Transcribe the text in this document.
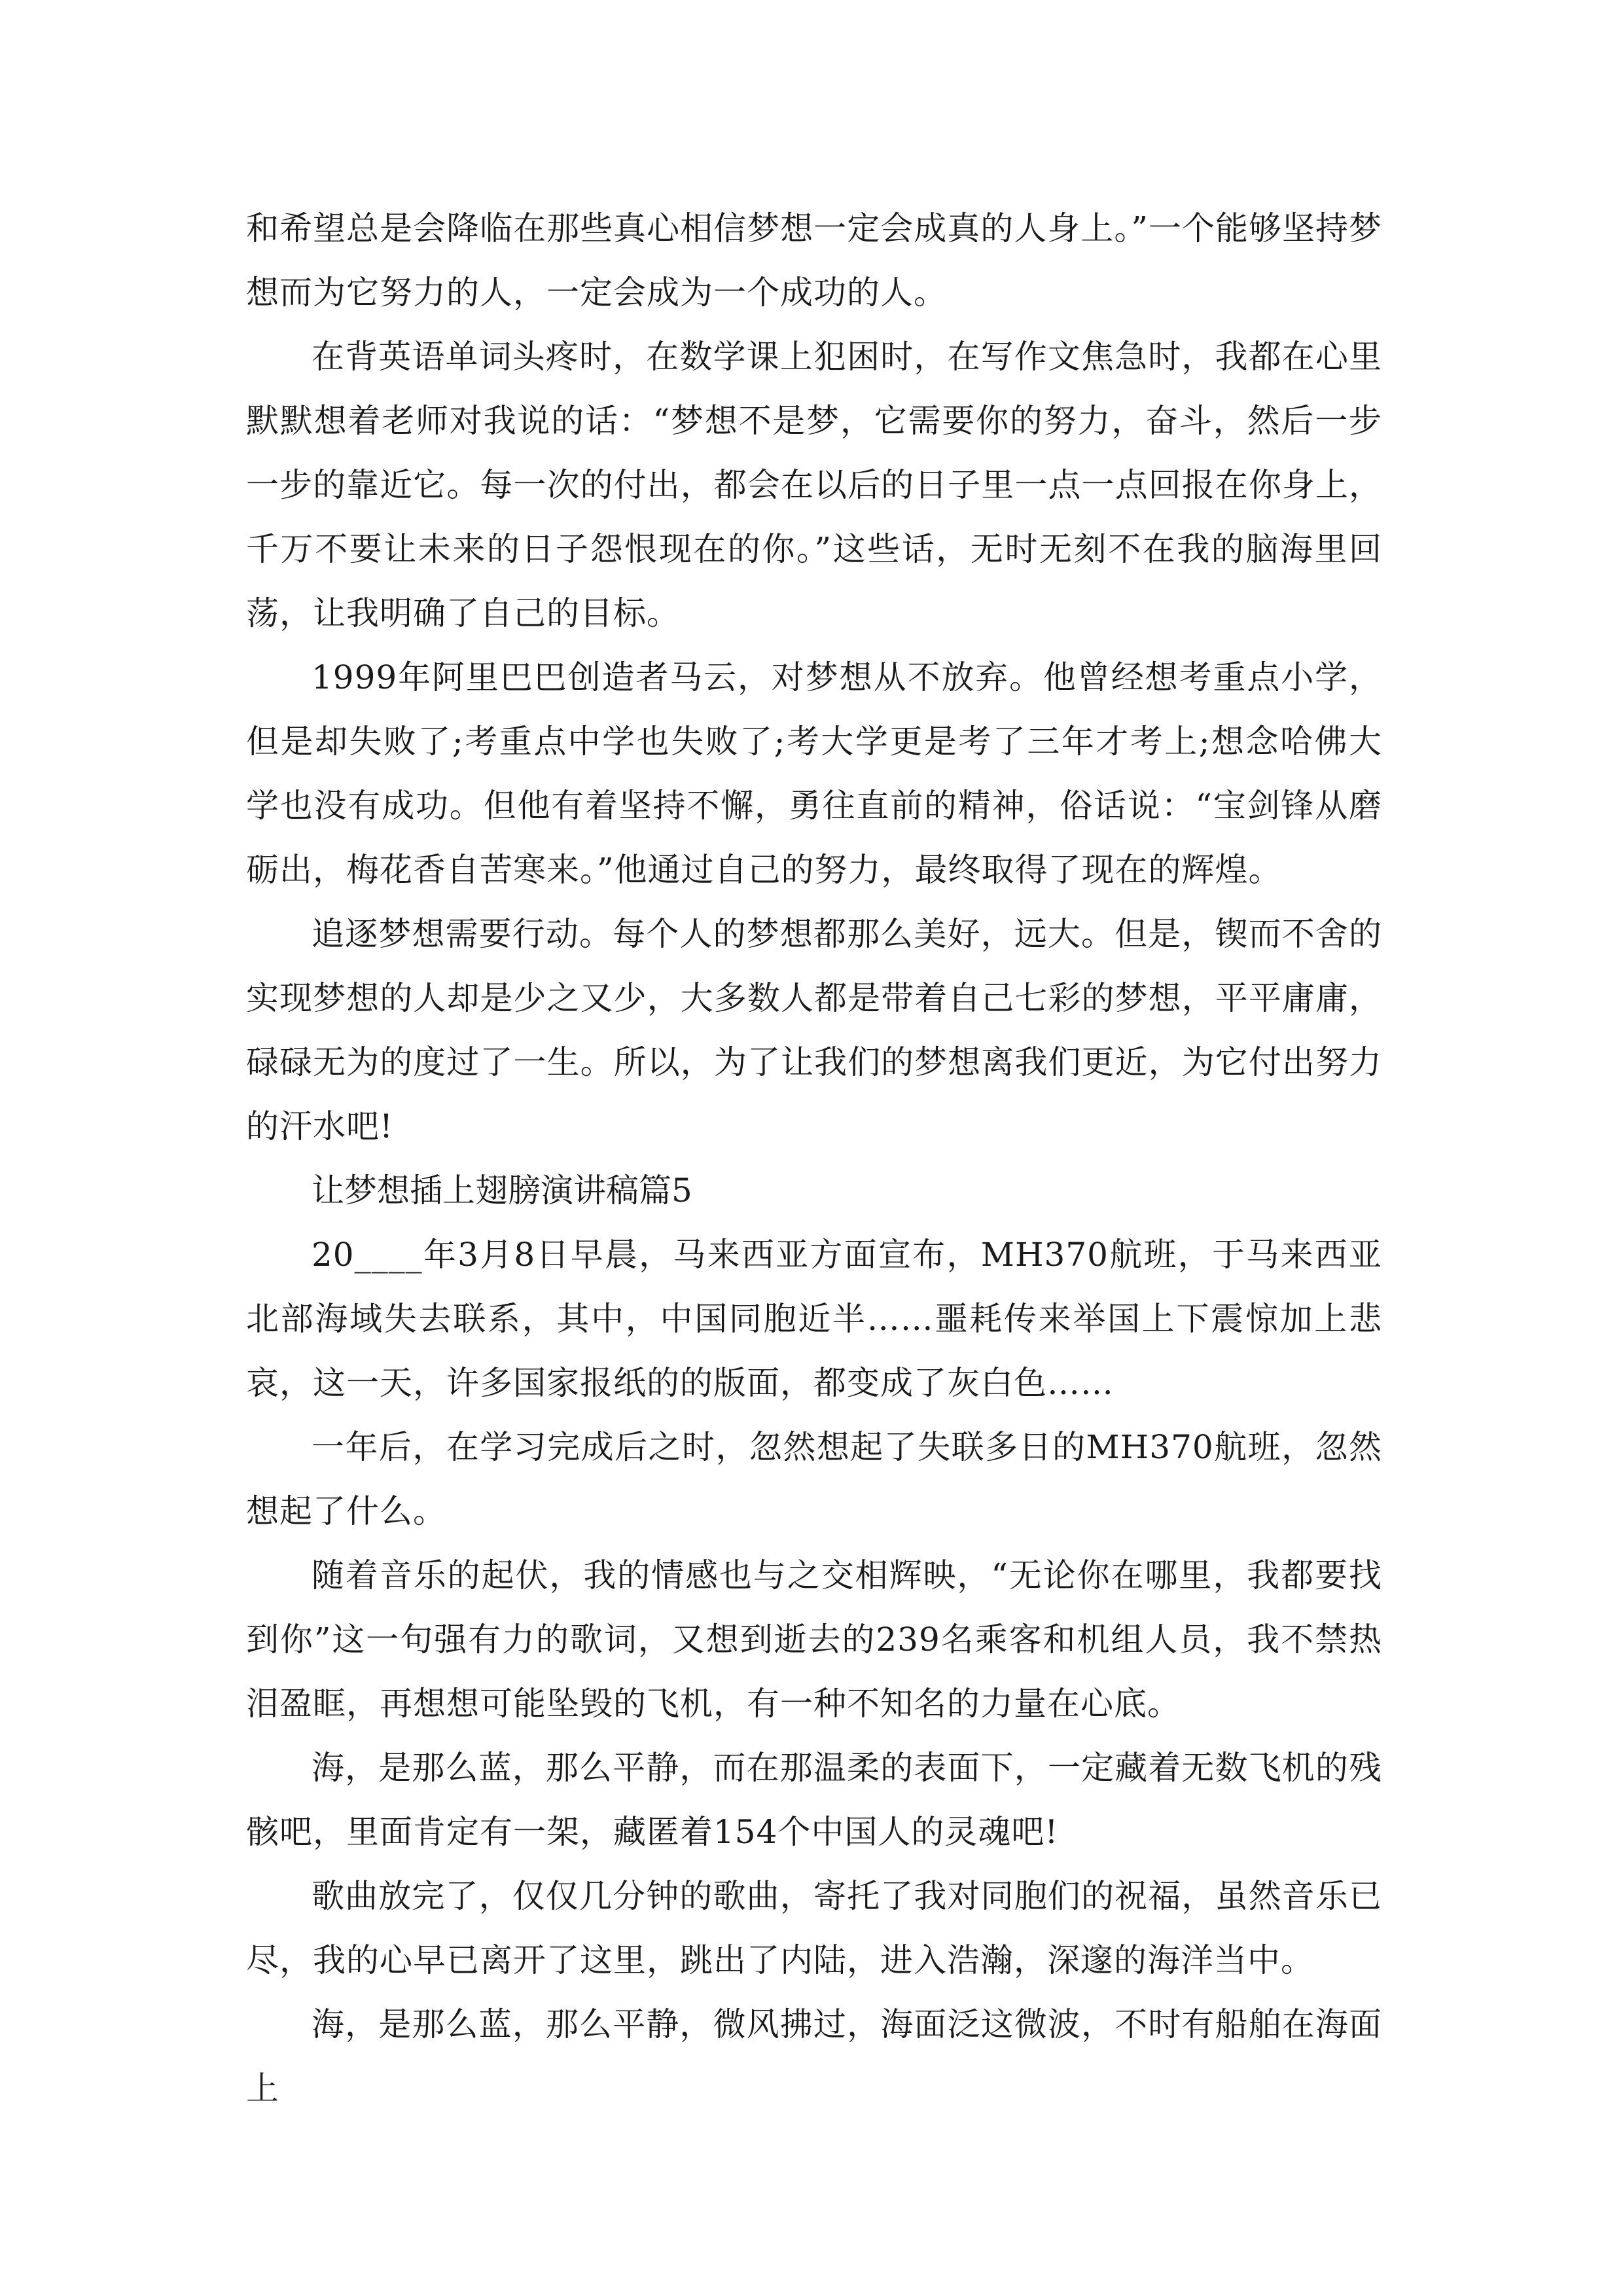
和希望总是会降临在那些真心相信梦想一定会成真的人身上。”一个能够坚持梦想而为它努力的人，一定会成为一个成功的人。

在背英语单词头疼时，在数学课上犯困时，在写作文焦急时，我都在心里默默想着老师对我说的话：“梦想不是梦，它需要你的努力，奋斗，然后一步一步的靠近它。每一次的付出，都会在以后的日子里一点一点回报在你身上，千万不要让未来的日子怨恨现在的你。”这些话，无时无刻不在我的脑海里回荡，让我明确了自己的目标。

1999年阿里巴巴创造者马云，对梦想从不放弃。他曾经想考重点小学，但是却失败了;考重点中学也失败了;考大学更是考了三年才考上;想念哈佛大学也没有成功。但他有着坚持不懈，勇往直前的精神，俗话说：“宝剑锋从磨砺出，梅花香自苦寒来。”他通过自己的努力，最终取得了现在的辉煌。

追逐梦想需要行动。每个人的梦想都那么美好，远大。但是，锲而不舍的实现梦想的人却是少之又少，大多数人都是带着自己七彩的梦想，平平庸庸，碌碌无为的度过了一生。所以，为了让我们的梦想离我们更近，为它付出努力的汗水吧!

让梦想插上翅膀演讲稿篇5

20____年3月8日早晨，马来西亚方面宣布，MH370航班，于马来西亚北部海域失去联系，其中，中国同胞近半……噩耗传来举国上下震惊加上悲哀，这一天，许多国家报纸的的版面，都变成了灰白色……

一年后，在学习完成后之时，忽然想起了失联多日的MH370航班，忽然想起了什么。

随着音乐的起伏，我的情感也与之交相辉映，“无论你在哪里，我都要找到你”这一句强有力的歌词，又想到逝去的239名乘客和机组人员，我不禁热泪盈眶，再想想可能坠毁的飞机，有一种不知名的力量在心底。

海，是那么蓝，那么平静，而在那温柔的表面下，一定藏着无数飞机的残骸吧，里面肯定有一架，藏匿着154个中国人的灵魂吧!

歌曲放完了，仅仅几分钟的歌曲，寄托了我对同胞们的祝福，虽然音乐已尽，我的心早已离开了这里，跳出了内陆，进入浩瀚，深邃的海洋当中。

海，是那么蓝，那么平静，微风拂过，海面泛这微波，不时有船舶在海面上
